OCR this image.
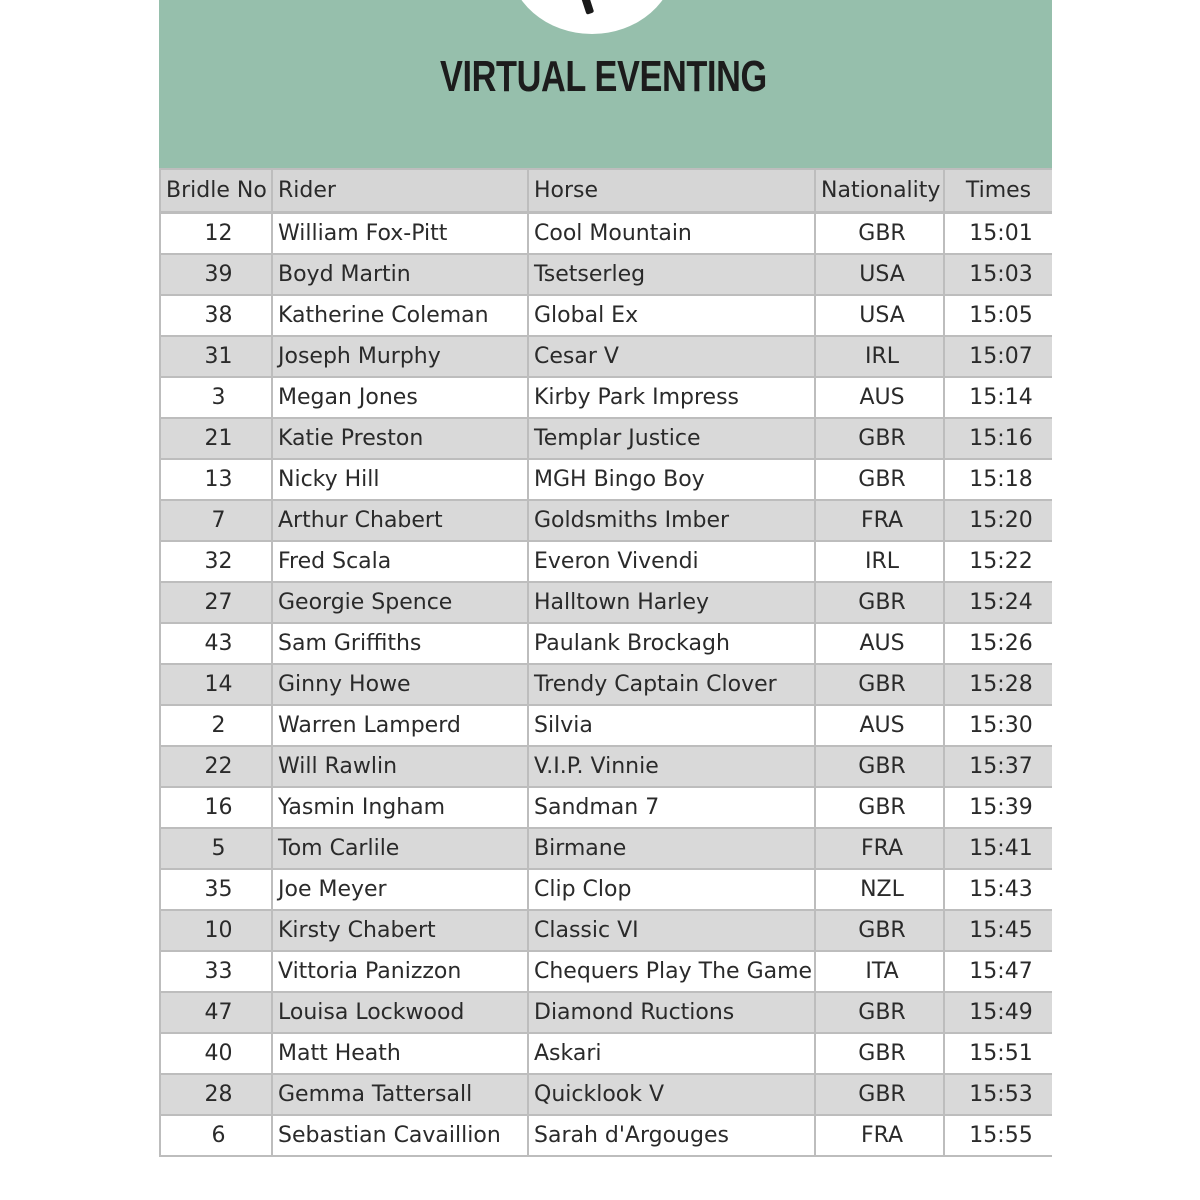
VIRTUAL EVENTING
Bridle No	Rider	Horse	Nationality	Times
12	William Fox-Pitt	Cool Mountain	GBR	15:01
39	Boyd Martin	Tsetserleg	USA	15:03
38	Katherine Coleman	Global Ex	USA	15:05
31	Joseph Murphy	Cesar V	IRL	15:07
3	Megan Jones	Kirby Park Impress	AUS	15:14
21	Katie Preston	Templar Justice	GBR	15:16
13	Nicky Hill	MGH Bingo Boy	GBR	15:18
7	Arthur Chabert	Goldsmiths Imber	FRA	15:20
32	Fred Scala	Everon Vivendi	IRL	15:22
27	Georgie Spence	Halltown Harley	GBR	15:24
43	Sam Griffiths	Paulank Brockagh	AUS	15:26
14	Ginny Howe	Trendy Captain Clover	GBR	15:28
2	Warren Lamperd	Silvia	AUS	15:30
22	Will Rawlin	V.I.P. Vinnie	GBR	15:37
16	Yasmin Ingham	Sandman 7	GBR	15:39
5	Tom Carlile	Birmane	FRA	15:41
35	Joe Meyer	Clip Clop	NZL	15:43
10	Kirsty Chabert	Classic VI	GBR	15:45
33	Vittoria Panizzon	Chequers Play The Game	ITA	15:47
47	Louisa Lockwood	Diamond Ructions	GBR	15:49
40	Matt Heath	Askari	GBR	15:51
28	Gemma Tattersall	Quicklook V	GBR	15:53
6	Sebastian Cavaillion	Sarah d'Argouges	FRA	15:55
